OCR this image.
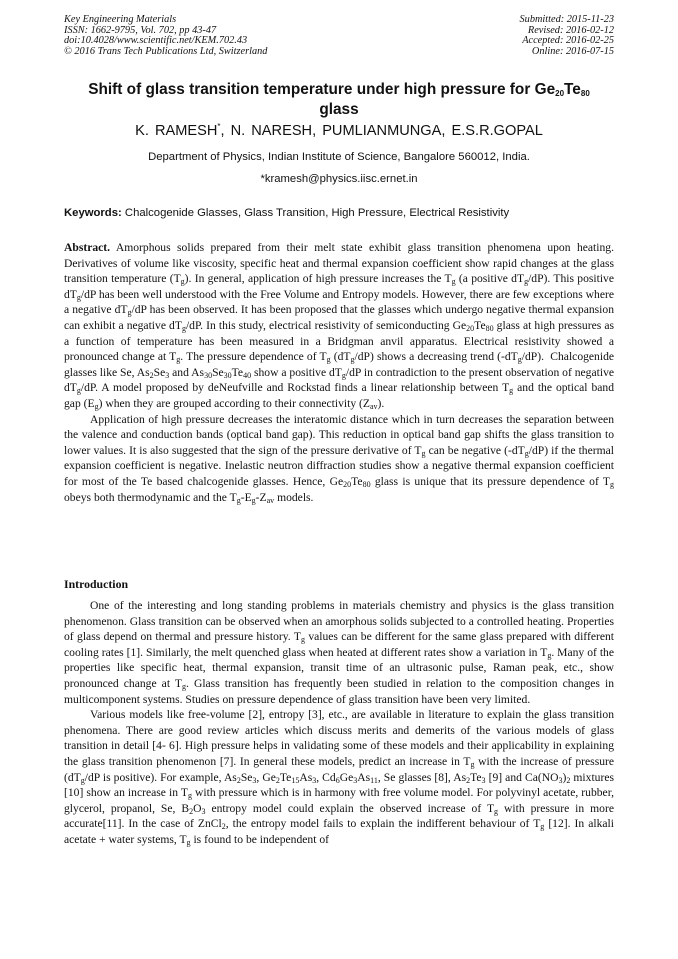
Key Engineering Materials
ISSN: 1662-9795, Vol. 702, pp 43-47
doi:10.4028/www.scientific.net/KEM.702.43
© 2016 Trans Tech Publications Ltd, Switzerland
Submitted: 2015-11-23
Revised: 2016-02-12
Accepted: 2016-02-25
Online: 2016-07-15
Shift of glass transition temperature under high pressure for $Ge_{20}Te_{80}$
glass
K. RAMESH*, N. NARESH, PUMLIANMUNGA, E.S.R.GOPAL
Department of Physics, Indian Institute of Science, Bangalore 560012, India.
*kramesh@physics.iisc.ernet.in
Keywords: Chalcogenide Glasses, Glass Transition, High Pressure, Electrical Resistivity

Abstract. Amorphous solids prepared from their melt state exhibit glass transition phenomena upon heating. Derivatives of volume like viscosity, specific heat and thermal expansion coefficient show rapid changes at the glass transition temperature $(T_g)$. In general, application of high pressure increases the $T_g$ (a positive $dT_g/dP$). This positive $dT_g/dP$ has been well understood with the Free Volume and Entropy models. However, there are few exceptions where a negative $dT_g/dP$ has been observed. It has been proposed that the glasses which undergo negative thermal expansion can exhibit a negative $dT_g/dP$. In this study, electrical resistivity of semiconducting $Ge_{20}Te_{80}$ glass at high pressures as a function of temperature has been measured in a Bridgman anvil apparatus. Electrical resistivity showed a pronounced change at $T_g$. The pressure dependence of $T_g$ $(dT_g/dP)$ shows a decreasing trend $(-dT_g/dP)$.  Chalcogenide glasses like Se, $As_2Se_3$ and $As_{30}Se_{30}Te_{40}$ show a positive $dT_g/dP$ in contradiction to the present observation of negative $dT_g/dP$. A model proposed by deNeufville and Rockstad finds a linear relationship between $T_g$ and the optical band gap $(E_g)$ when they are grouped according to their connectivity $(Z_{av})$.

Application of high pressure decreases the interatomic distance which in turn decreases the separation between the valence and conduction bands (optical band gap). This reduction in optical band gap shifts the glass transition to lower values. It is also suggested that the sign of the pressure derivative of $T_g$ can be negative $(-dT_g/dP)$ if the thermal expansion coefficient is negative. Inelastic neutron diffraction studies show a negative thermal expansion coefficient for most of the Te based chalcogenide glasses. Hence, $Ge_{20}Te_{80}$ glass is unique that its pressure dependence of $T_g$ obeys both thermodynamic and the $T_g-E_g-Z_{av}$ models.

Introduction

One of the interesting and long standing problems in materials chemistry and physics is the glass transition phenomenon. Glass transition can be observed when an amorphous solids subjected to a controlled heating. Properties of glass depend on thermal and pressure history. $T_g$ values can be different for the same glass prepared with different cooling rates [1]. Similarly, the melt quenched glass when heated at different rates show a variation in $T_g$. Many of the properties like specific heat, thermal expansion, transit time of an ultrasonic pulse, Raman peak, etc., show pronounced change at $T_g$. Glass transition has frequently been studied in relation to the composition changes in multicomponent systems. Studies on pressure dependence of glass transition have been very limited.

Various models like free-volume [2], entropy [3], etc., are available in literature to explain the glass transition phenomena. There are good review articles which discuss merits and demerits of the various models of glass transition in detail [4- 6]. High pressure helps in validating some of these models and their applicability in explaining the glass transition phenomenon [7]. In general these models, predict an increase in $T_g$ with the increase of pressure ($dT_g/dP$ is positive). For example, $As_2Se_3$, $Ge_2Te_{15}As_3$, $Cd_6Ge_3As_{11}$, Se glasses [8], $As_2Te_3$ [9] and $Ca(NO_3)_2$ mixtures [10] show an increase in $T_g$ with pressure which is in harmony with free volume model. For polyvinyl acetate, rubber, glycerol, propanol, Se, $B_2O_3$ entropy model could explain the observed increase of $T_g$ with pressure in more accurate[11]. In the case of ZnCl$_2$, the entropy model fails to explain the indifferent behaviour of $T_g$ [12]. In alkali acetate + water systems, $T_g$ is found to be independent of
